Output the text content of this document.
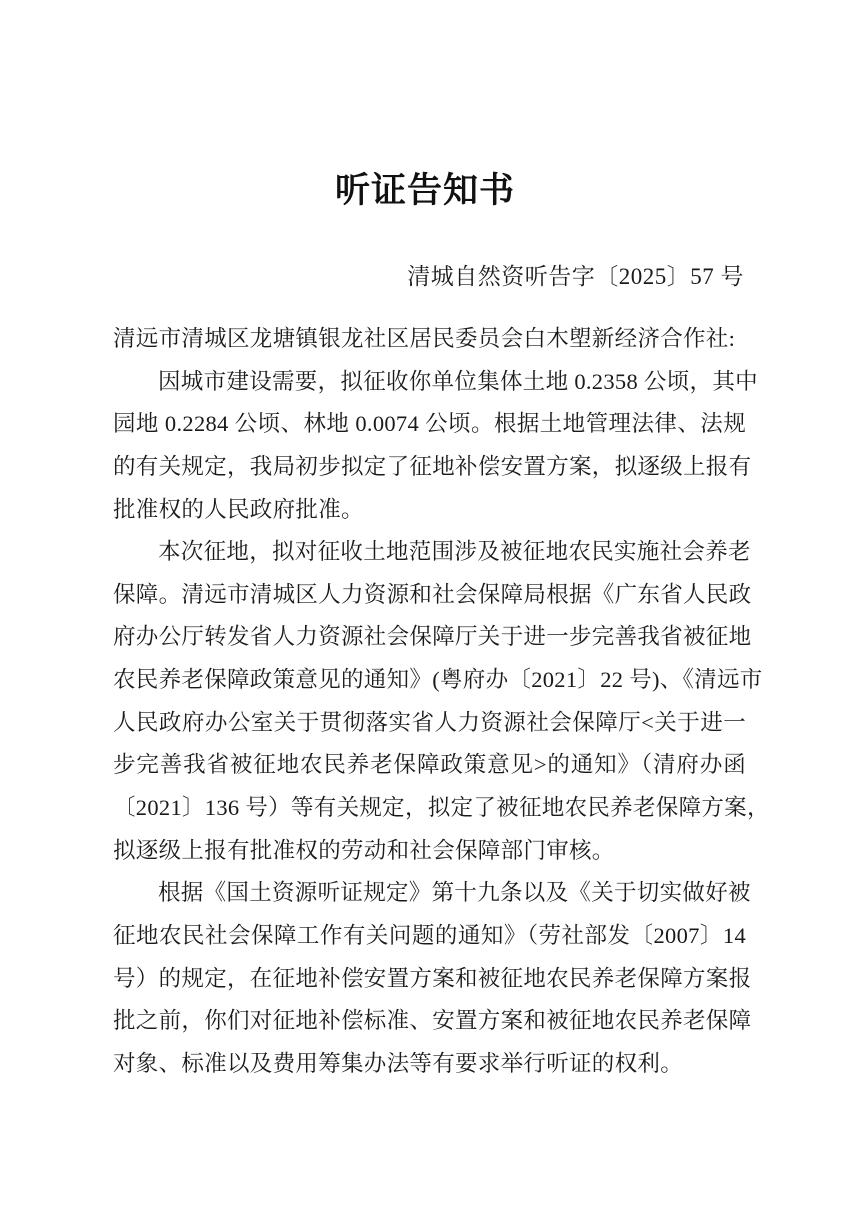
听证告知书
清城自然资听告字〔2025〕57 号
清远市清城区龙塘镇银龙社区居民委员会白木塱新经济合作社:
因城市建设需要，拟征收你单位集体土地 0.2358 公顷，其中
园地 0.2284 公顷、林地 0.0074 公顷。根据土地管理法律、法规
的有关规定，我局初步拟定了征地补偿安置方案，拟逐级上报有
批准权的人民政府批准。
本次征地，拟对征收土地范围涉及被征地农民实施社会养老
保障。清远市清城区人力资源和社会保障局根据《广东省人民政
府办公厅转发省人力资源社会保障厅关于进一步完善我省被征地
农民养老保障政策意见的通知》(粤府办〔2021〕22 号)、《清远市
人民政府办公室关于贯彻落实省人力资源社会保障厅<关于进一
步完善我省被征地农民养老保障政策意见>的通知》（清府办函
〔2021〕136 号）等有关规定，拟定了被征地农民养老保障方案，
拟逐级上报有批准权的劳动和社会保障部门审核。
根据《国土资源听证规定》第十九条以及《关于切实做好被
征地农民社会保障工作有关问题的通知》（劳社部发〔2007〕14
号）的规定，在征地补偿安置方案和被征地农民养老保障方案报
批之前，你们对征地补偿标准、安置方案和被征地农民养老保障
对象、标准以及费用筹集办法等有要求举行听证的权利。
